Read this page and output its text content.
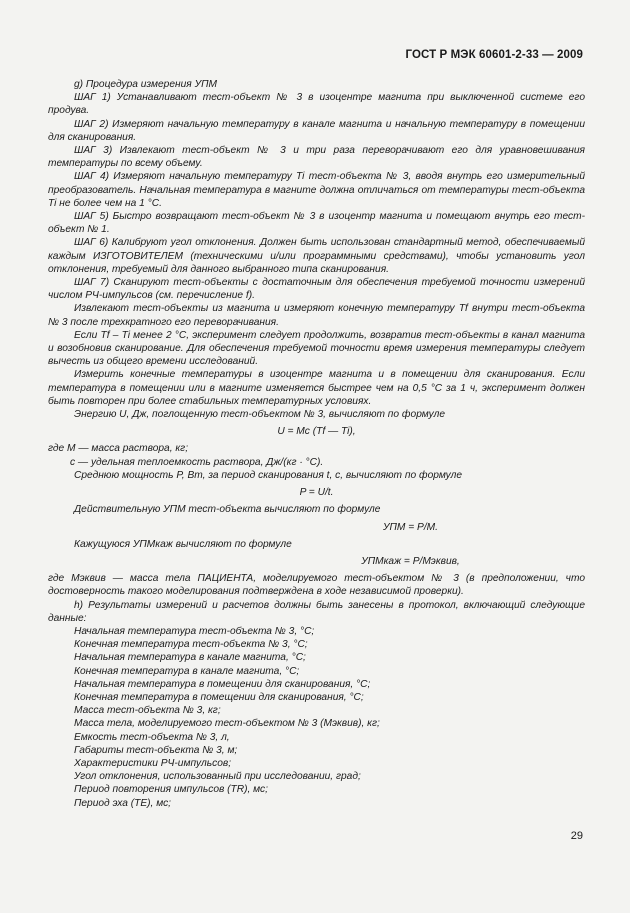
ГОСТ Р МЭК 60601-2-33 — 2009

g) Процедура измерения УПМ

ШАГ 1) Устанавливают тест-объект № 3 в изоцентре магнита при выключенной системе его продува.

ШАГ 2) Измеряют начальную температуру в канале магнита и начальную температуру в помещении для сканирования.

ШАГ 3) Извлекают тест-объект № 3 и три раза переворачивают его для уравновешивания температуры по всему объему.

ШАГ 4) Измеряют начальную температуру Ti тест-объекта № 3, вводя внутрь его измерительный преобразователь. Начальная температура в магните должна отличаться от температуры тест-объекта Ti не более чем на 1 °C.

ШАГ 5) Быстро возвращают тест-объект № 3 в изоцентр магнита и помещают внутрь его тест-объект № 1.

ШАГ 6) Калибруют угол отклонения. Должен быть использован стандартный метод, обеспечиваемый каждым ИЗГОТОВИТЕЛЕМ (техническими и/или программными средствами), чтобы установить угол отклонения, требуемый для данного выбранного типа сканирования.

ШАГ 7) Сканируют тест-объекты с достаточным для обеспечения требуемой точности измерений числом РЧ-импульсов (см. перечисление f).

Извлекают тест-объекты из магнита и измеряют конечную температуру Tf внутри тест-объекта № 3 после трехкратного его переворачивания.

Если Tf – Ti менее 2 °C, эксперимент следует продолжить, возвратив тест-объекты в канал магнита и возобновив сканирование. Для обеспечения требуемой точности время измерения температуры следует вычесть из общего времени исследований.

Измерить конечные температуры в изоцентре магнита и в помещении для сканирования. Если температура в помещении или в магните изменяется быстрее чем на 0,5 °C за 1 ч, эксперимент должен быть повторен при более стабильных температурных условиях.

Энергию U, Дж, поглощенную тест-объектом № 3, вычисляют по формуле

U = Mc (Tf — Ti),

где M — масса раствора, кг;

c — удельная теплоемкость раствора, Дж/(кг · °C).

Среднюю мощность P, Вт, за период сканирования t, с, вычисляют по формуле

P = U/t.

Действительную УПМ тест-объекта вычисляют по формуле

УПМ = P/M.

Кажущуюся УПМкаж вычисляют по формуле

УПМкаж = P/Mэквив,

где Mэквив — масса тела ПАЦИЕНТА, моделируемого тест-объектом № 3 (в предположении, что достоверность такого моделирования подтверждена в ходе независимой проверки).

h) Результаты измерений и расчетов должны быть занесены в протокол, включающий следующие данные:

Начальная температура тест-объекта № 3, °C;

Конечная температура тест-объекта № 3, °C;

Начальная температура в канале магнита, °C;

Конечная температура в канале магнита, °C;

Начальная температура в помещении для сканирования, °C;

Конечная температура в помещении для сканирования, °C;

Масса тест-объекта № 3, кг;

Масса тела, моделируемого тест-объектом № 3 (Mэквив), кг;

Емкость тест-объекта № 3, л,

Габариты тест-объекта № 3, м;

Характеристики РЧ-импульсов;

Угол отклонения, использованный при исследовании, град;

Период повторения импульсов (TR), мс;

Период эха (TE), мс;

29
